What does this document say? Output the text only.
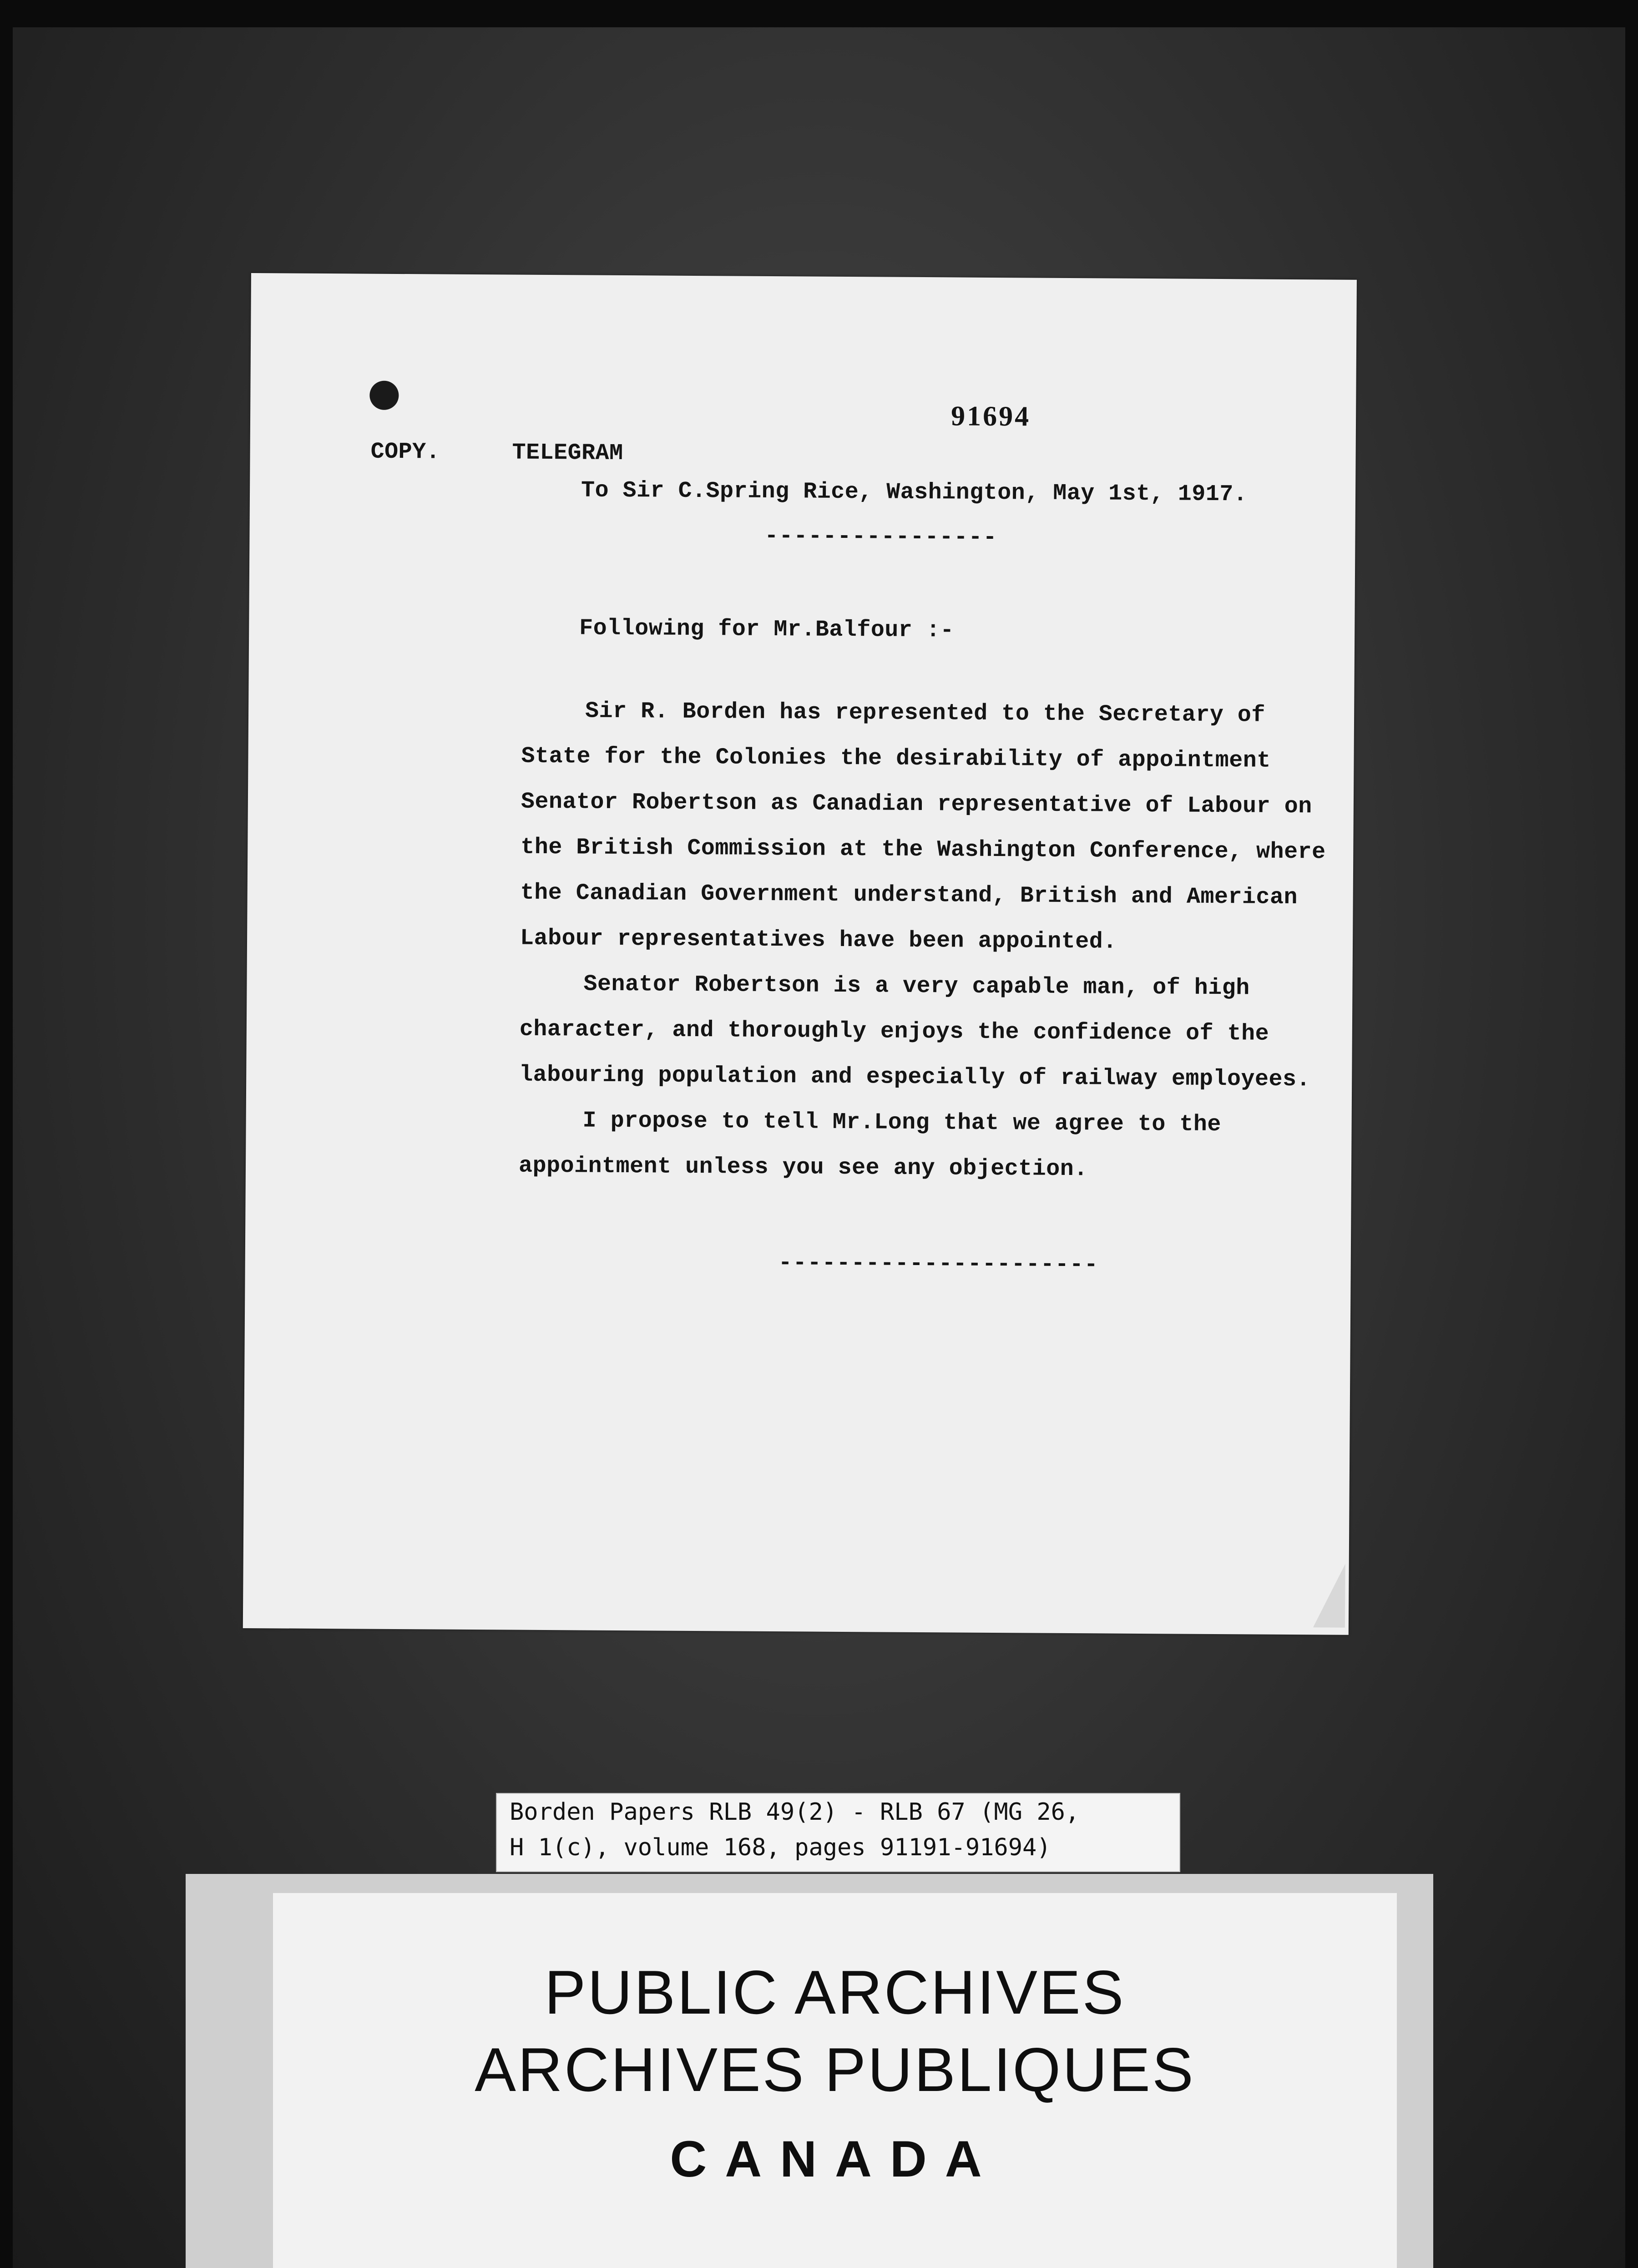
91694
COPY.	TELEGRAM
To Sir C.Spring Rice, Washington, May 1st, 1917.
----------------
Following for Mr.Balfour :-
Sir R. Borden has represented to the Secretary of
State for the Colonies the desirability of appointment
Senator Robertson as Canadian representative of Labour on
the British Commission at the Washington Conference, where
the Canadian Government understand, British and American
Labour representatives have been appointed.
Senator Robertson is a very capable man, of high
character, and thoroughly enjoys the confidence of the
labouring population and especially of railway employees.
I propose to tell Mr.Long that we agree to the
appointment unless you see any objection.
----------------------
Borden Papers RLB 49(2) - RLB 67 (MG 26,
H 1(c), volume 168, pages 91191-91694)
PUBLIC ARCHIVES
ARCHIVES PUBLIQUES
CANADA
